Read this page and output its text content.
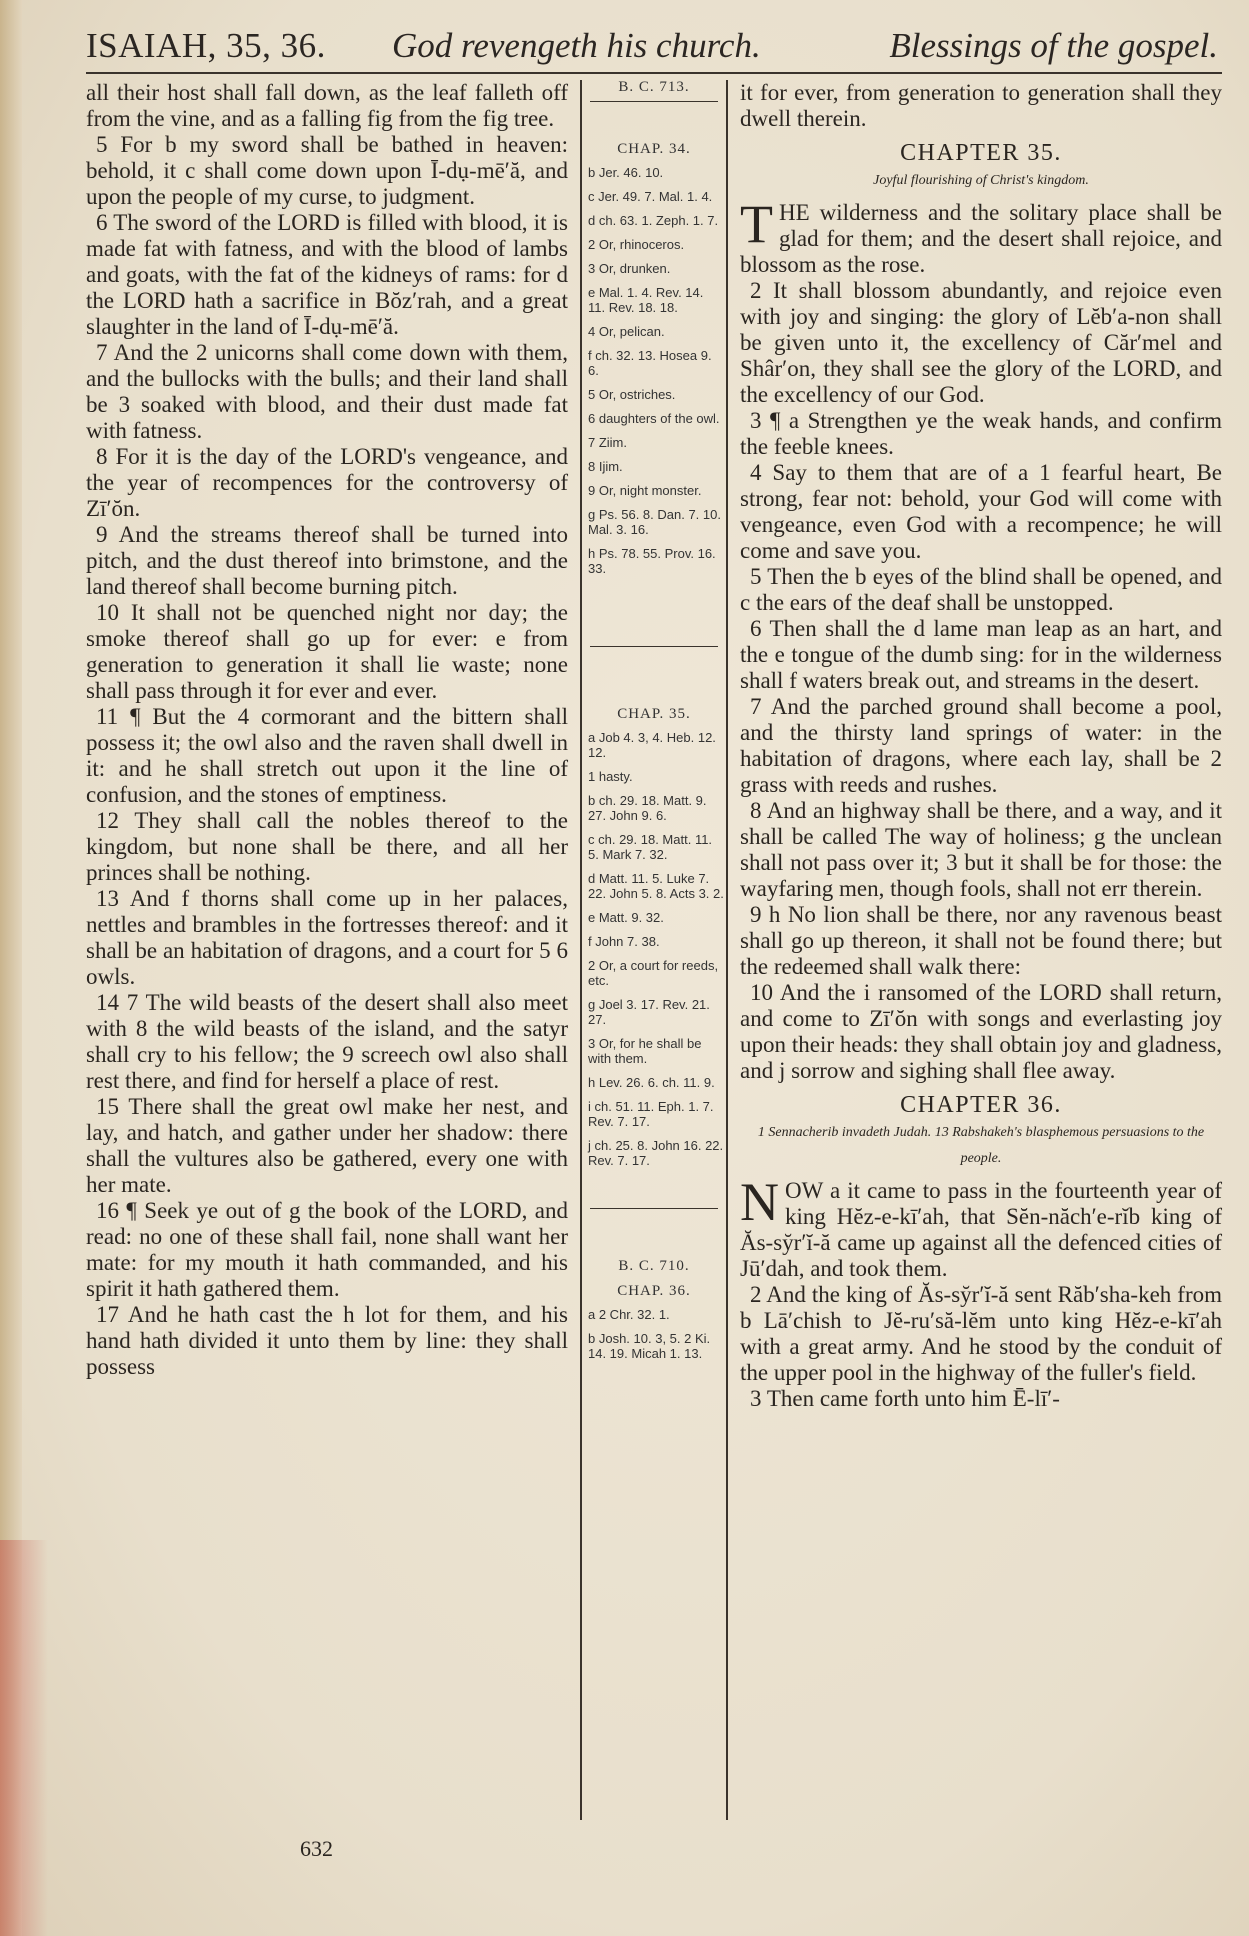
ISAIAH, 35, 36. God revengeth his church.	Blessings of the gospel.

all their host shall fall down, as the leaf falleth off from the vine, and as a falling fig from the fig tree.

5 For b my sword shall be bathed in heaven: behold, it c shall come down upon Ī-dụ-mē′ă, and upon the people of my curse, to judgment.

6 The sword of the LORD is filled with blood, it is made fat with fatness, and with the blood of lambs and goats, with the fat of the kidneys of rams: for d the LORD hath a sacrifice in Bŏz′rah, and a great slaughter in the land of Ī-dụ-mē′ă.

7 And the 2 unicorns shall come down with them, and the bullocks with the bulls; and their land shall be 3 soaked with blood, and their dust made fat with fatness.

8 For it is the day of the LORD's vengeance, and the year of recompences for the controversy of Zī′ŏn.

9 And the streams thereof shall be turned into pitch, and the dust thereof into brimstone, and the land thereof shall become burning pitch.

10 It shall not be quenched night nor day; the smoke thereof shall go up for ever: e from generation to generation it shall lie waste; none shall pass through it for ever and ever.

11 ¶ But the 4 cormorant and the bittern shall possess it; the owl also and the raven shall dwell in it: and he shall stretch out upon it the line of confusion, and the stones of emptiness.

12 They shall call the nobles thereof to the kingdom, but none shall be there, and all her princes shall be nothing.

13 And f thorns shall come up in her palaces, nettles and brambles in the fortresses thereof: and it shall be an habitation of dragons, and a court for 5 6 owls.

14 7 The wild beasts of the desert shall also meet with 8 the wild beasts of the island, and the satyr shall cry to his fellow; the 9 screech owl also shall rest there, and find for herself a place of rest.

15 There shall the great owl make her nest, and lay, and hatch, and gather under her shadow: there shall the vultures also be gathered, every one with her mate.

16 ¶ Seek ye out of g the book of the LORD, and read: no one of these shall fail, none shall want her mate: for my mouth it hath commanded, and his spirit it hath gathered them.

17 And he hath cast the h lot for them, and his hand hath divided it unto them by line: they shall possess

B. C. 713.
CHAP. 34.
b Jer. 46. 10.
c Jer. 49. 7. Mal. 1. 4.
d ch. 63. 1. Zeph. 1. 7.
2 Or, rhinoceros.
3 Or, drunken.
e Mal. 1. 4. Rev. 14. 11. Rev. 18. 18.
4 Or, pelican.
f ch. 32. 13. Hosea 9. 6.
5 Or, ostriches.
6 daughters of the owl.
7 Ziim.
8 Ijim.
9 Or, night monster.
g Ps. 56. 8. Dan. 7. 10. Mal. 3. 16.
h Ps. 78. 55. Prov. 16. 33.
CHAP. 35.
a Job 4. 3, 4. Heb. 12. 12.
1 hasty.
b ch. 29. 18. Matt. 9. 27. John 9. 6.
c ch. 29. 18. Matt. 11. 5. Mark 7. 32.
d Matt. 11. 5. Luke 7. 22. John 5. 8. Acts 3. 2.
e Matt. 9. 32.
f John 7. 38.
2 Or, a court for reeds, etc.
g Joel 3. 17. Rev. 21. 27.
3 Or, for he shall be with them.
h Lev. 26. 6. ch. 11. 9.
i ch. 51. 11. Eph. 1. 7. Rev. 7. 17.
j ch. 25. 8. John 16. 22. Rev. 7. 17.
B. C. 710.
CHAP. 36.
a 2 Chr. 32. 1.
b Josh. 10. 3, 5. 2 Ki. 14. 19. Micah 1. 13.

it for ever, from generation to generation shall they dwell therein.

CHAPTER 35.
Joyful flourishing of Christ's kingdom.

THE wilderness and the solitary place shall be glad for them; and the desert shall rejoice, and blossom as the rose.

2 It shall blossom abundantly, and rejoice even with joy and singing: the glory of Lĕb′a-non shall be given unto it, the excellency of Căr′mel and Shâr′on, they shall see the glory of the LORD, and the excellency of our God.

3 ¶ a Strengthen ye the weak hands, and confirm the feeble knees.

4 Say to them that are of a 1 fearful heart, Be strong, fear not: behold, your God will come with vengeance, even God with a recompence; he will come and save you.

5 Then the b eyes of the blind shall be opened, and c the ears of the deaf shall be unstopped.

6 Then shall the d lame man leap as an hart, and the e tongue of the dumb sing: for in the wilderness shall f waters break out, and streams in the desert.

7 And the parched ground shall become a pool, and the thirsty land springs of water: in the habitation of dragons, where each lay, shall be 2 grass with reeds and rushes.

8 And an highway shall be there, and a way, and it shall be called The way of holiness; g the unclean shall not pass over it; 3 but it shall be for those: the wayfaring men, though fools, shall not err therein.

9 h No lion shall be there, nor any ravenous beast shall go up thereon, it shall not be found there; but the redeemed shall walk there:

10 And the i ransomed of the LORD shall return, and come to Zī′ŏn with songs and everlasting joy upon their heads: they shall obtain joy and gladness, and j sorrow and sighing shall flee away.

CHAPTER 36.
1 Sennacherib invadeth Judah. 13 Rabshakeh's blasphemous persuasions to the people.

NOW a it came to pass in the fourteenth year of king Hĕz-e-kī′ah, that Sĕn-năch′e-rĭb king of Ăs-sy̆r′ĭ-ă came up against all the defenced cities of Jū′dah, and took them.

2 And the king of Ăs-sy̆r′ĭ-ă sent Răb′sha-keh from b Lā′chish to Jĕ-ru′să-lĕm unto king Hĕz-e-kī′ah with a great army. And he stood by the conduit of the upper pool in the highway of the fuller's field.

3 Then came forth unto him Ē-lī′-

632
